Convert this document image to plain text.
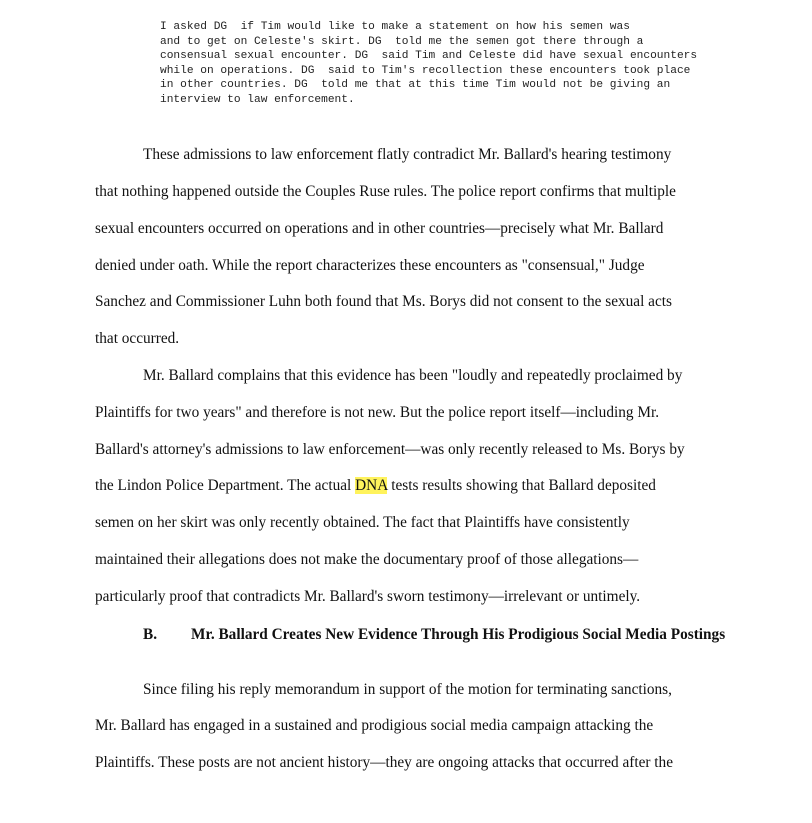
I asked DG  if Tim would like to make a statement on how his semen was
and to get on Celeste's skirt. DG  told me the semen got there through a
consensual sexual encounter. DG  said Tim and Celeste did have sexual encounters
while on operations. DG  said to Tim's recollection these encounters took place
in other countries. DG  told me that at this time Tim would not be giving an
interview to law enforcement.
These admissions to law enforcement flatly contradict Mr. Ballard's hearing testimony
that nothing happened outside the Couples Ruse rules. The police report confirms that multiple
sexual encounters occurred on operations and in other countries—precisely what Mr. Ballard
denied under oath. While the report characterizes these encounters as "consensual," Judge
Sanchez and Commissioner Luhn both found that Ms. Borys did not consent to the sexual acts
that occurred.
Mr. Ballard complains that this evidence has been "loudly and repeatedly proclaimed by
Plaintiffs for two years" and therefore is not new. But the police report itself—including Mr.
Ballard's attorney's admissions to law enforcement—was only recently released to Ms. Borys by
the Lindon Police Department. The actual DNA tests results showing that Ballard deposited
semen on her skirt was only recently obtained. The fact that Plaintiffs have consistently
maintained their allegations does not make the documentary proof of those allegations—
particularly proof that contradicts Mr. Ballard's sworn testimony—irrelevant or untimely.
B. Mr. Ballard Creates New Evidence Through His Prodigious Social Media Postings
Since filing his reply memorandum in support of the motion for terminating sanctions,
Mr. Ballard has engaged in a sustained and prodigious social media campaign attacking the
Plaintiffs. These posts are not ancient history—they are ongoing attacks that occurred after the
